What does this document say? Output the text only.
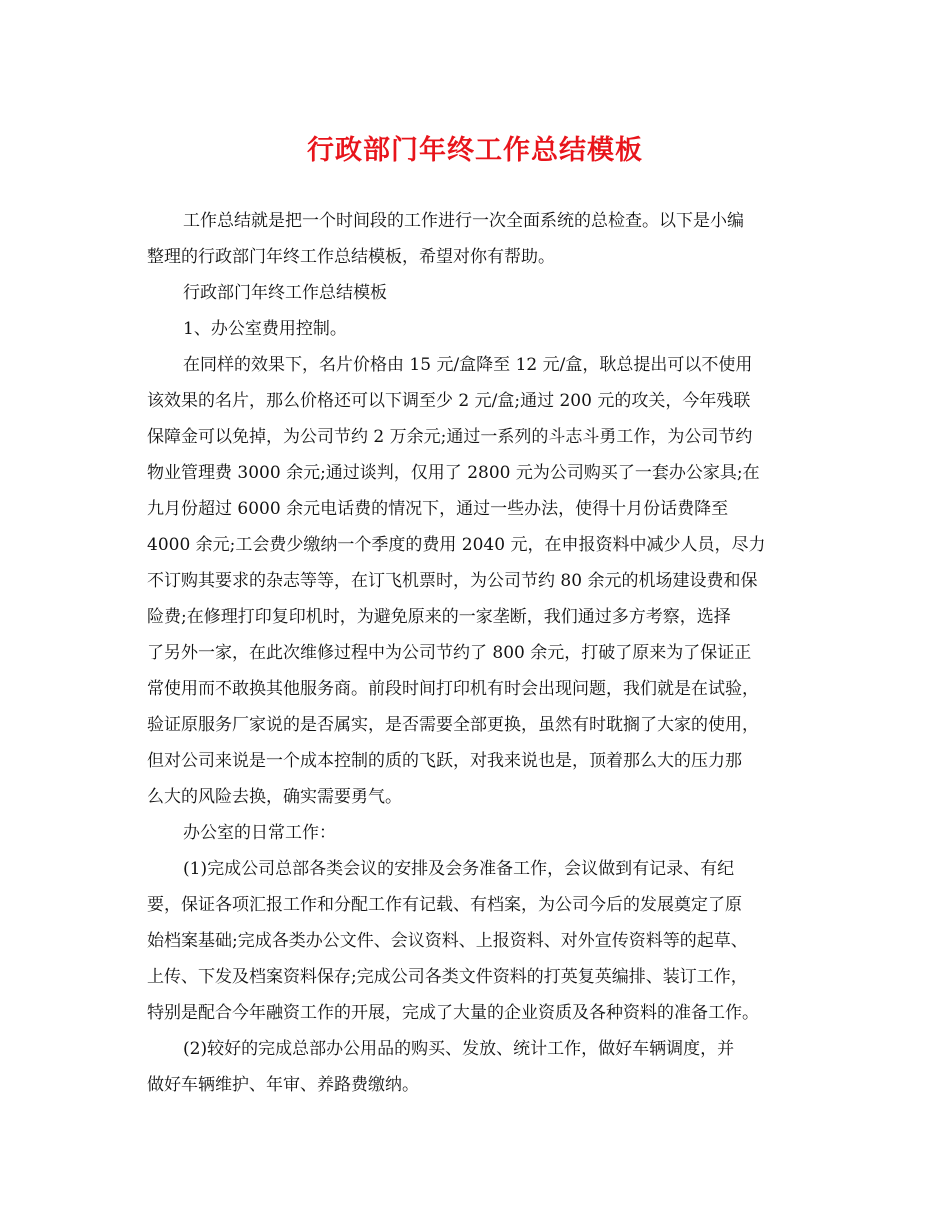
行政部门年终工作总结模板
工作总结就是把一个时间段的工作进行一次全面系统的总检查。以下是小编
整理的行政部门年终工作总结模板，希望对你有帮助。
行政部门年终工作总结模板
1、办公室费用控制。
在同样的效果下，名片价格由 15 元/盒降至 12 元/盒，耿总提出可以不使用
该效果的名片，那么价格还可以下调至少 2 元/盒;通过 200 元的攻关，今年残联
保障金可以免掉，为公司节约 2 万余元;通过一系列的斗志斗勇工作，为公司节约
物业管理费 3000 余元;通过谈判，仅用了 2800 元为公司购买了一套办公家具;在
九月份超过 6000 余元电话费的情况下，通过一些办法，使得十月份话费降至
4000 余元;工会费少缴纳一个季度的费用 2040 元，在申报资料中减少人员，尽力
不订购其要求的杂志等等，在订飞机票时，为公司节约 80 余元的机场建设费和保
险费;在修理打印复印机时，为避免原来的一家垄断，我们通过多方考察，选择
了另外一家，在此次维修过程中为公司节约了 800 余元，打破了原来为了保证正
常使用而不敢换其他服务商。前段时间打印机有时会出现问题，我们就是在试验，
验证原服务厂家说的是否属实，是否需要全部更换，虽然有时耽搁了大家的使用，
但对公司来说是一个成本控制的质的飞跃，对我来说也是，顶着那么大的压力那
么大的风险去换，确实需要勇气。
办公室的日常工作：
(1)完成公司总部各类会议的安排及会务准备工作，会议做到有记录、有纪
要，保证各项汇报工作和分配工作有记载、有档案，为公司今后的发展奠定了原
始档案基础;完成各类办公文件、会议资料、上报资料、对外宣传资料等的起草、
上传、下发及档案资料保存;完成公司各类文件资料的打英复英编排、装订工作，
特别是配合今年融资工作的开展，完成了大量的企业资质及各种资料的准备工作。
(2)较好的完成总部办公用品的购买、发放、统计工作，做好车辆调度，并
做好车辆维护、年审、养路费缴纳。
